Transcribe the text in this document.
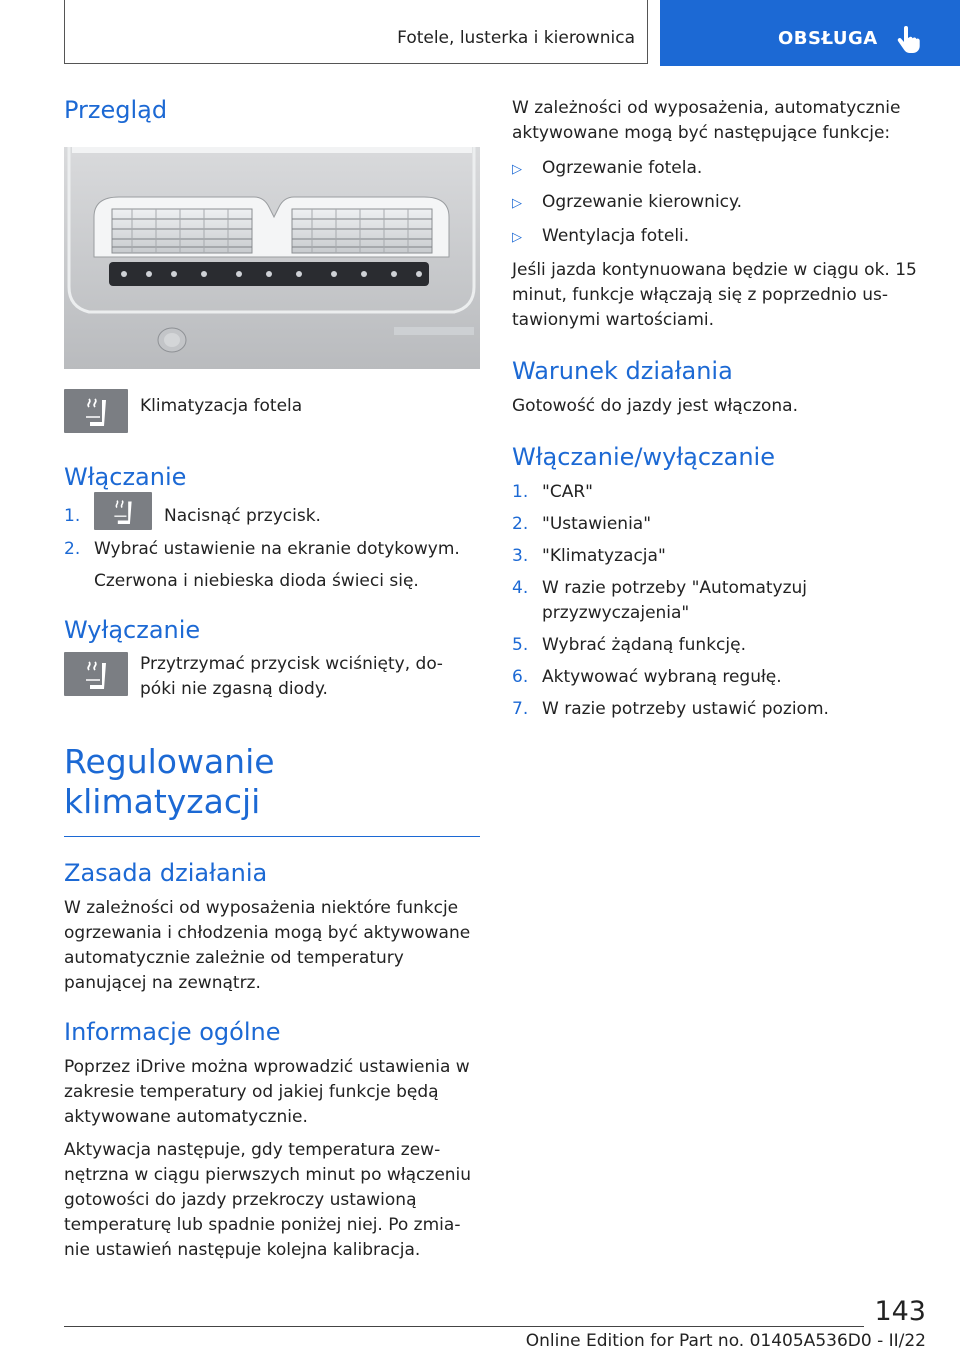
Fotele, lusterka i kierownica	OBSŁUGA
Przegląd

Klimatyzacja fotela

Włączanie
1.	Nacisnąć przycisk.
2. Wybrać ustawienie na ekranie dotykowym.

Czerwona i niebieska dioda świeci się.

Wyłączanie

Przytrzymać przycisk wciśnięty, dopóki nie zgasną diody.

Regulowanie klimatyzacji
Zasada działania

W zależności od wyposażenia niektóre funkcje ogrzewania i chłodzenia mogą być aktywowane automatycznie zależnie od temperatury panującej na zewnątrz.

Informacje ogólne

Poprzez iDrive można wprowadzić ustawienia w zakresie temperatury od jakiej funkcje będą aktywowane automatycznie.

Aktywacja następuje, gdy temperatura zewnętrzna w ciągu pierwszych minut po włączeniu gotowości do jazdy przekroczy ustawioną temperaturę lub spadnie poniżej niej. Po zmianie ustawień następuje kolejna kalibracja.

W zależności od wyposażenia, automatycznie aktywowane mogą być następujące funkcje:

▷	Ogrzewanie fotela.
▷	Ogrzewanie kierownicy.
▷	Wentylacja foteli.

Jeśli jazda kontynuowana będzie w ciągu ok. 15 minut, funkcje włączają się z poprzednio ustawionymi wartościami.

Warunek działania

Gotowość do jazdy jest włączona.

Włączanie/wyłączanie
1. "CAR"
2. "Ustawienia"
3. "Klimatyzacja"
4. W razie potrzeby "Automatyzuj przyzwyczajenia"
5. Wybrać żądaną funkcję.
6. Aktywować wybraną regułę.
7. W razie potrzeby ustawić poziom.
143
Online Edition for Part no. 01405A536D0 - II/22
